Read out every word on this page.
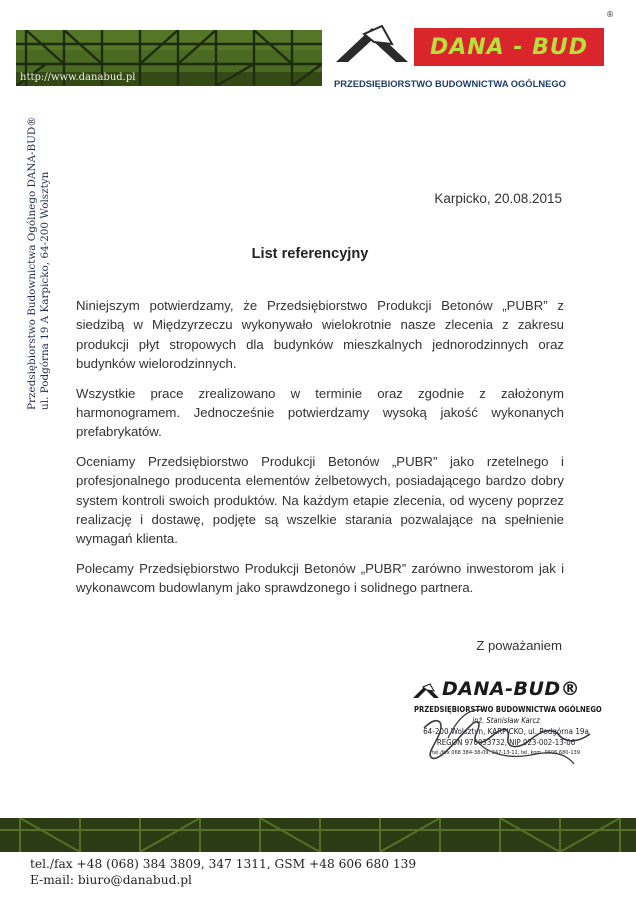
http://www.danabud.pl
DANA - BUD
®
PRZEDSIĘBIORSTWO BUDOWNICTWA OGÓLNEGO
Przedsiębiorstwo Budownictwa Ogólnego DANA-BUD® ul. Podgórna 19 A Karpicko, 64-200 Wolsztyn	Karpicko, 20.08.2015
List referencyjny

Niniejszym potwierdzamy, że Przedsiębiorstwo Produkcji Betonów „PUBR” z siedzibą w Międzyrzeczu wykonywało wielokrotnie nasze zlecenia z zakresu produkcji płyt stropowych dla budynków mieszkalnych jednorodzinnych oraz budynków wielorodzinnych.

Wszystkie prace zrealizowano w terminie oraz zgodnie z założonym harmonogramem. Jednocześnie potwierdzamy wysoką jakość wykonanych prefabrykatów.

Oceniamy Przedsiębiorstwo Produkcji Betonów „PUBR” jako rzetelnego i profesjonalnego producenta elementów żelbetowych, posiadającego bardzo dobry system kontroli swoich produktów. Na każdym etapie zlecenia, od wyceny poprzez realizację i dostawę, podjęte są wszelkie starania pozwalające na spełnienie wymagań klienta.

Polecamy Przedsiębiorstwo Produkcji Betonów „PUBR” zarówno inwestorom jak i wykonawcom budowlanym jako sprawdzonego i solidnego partnera.

Z poważaniem
DANA-BUD®
PRZEDSIĘBIORSTWO BUDOWNICTWA OGÓLNEGO
inż. Stanisław Karcz
64-200 Wolsztyn, KARPICKO, ul. Podgórna 19a
REGON 970033732, NIP 923-002-13-06
tel./fax 068 384-38-09, 347-13-11, tel. kom. 0606 680-139
tel./fax +48 (068) 384 3809, 347 1311, GSM +48 606 680 139
E-mail: biuro@danabud.pl
